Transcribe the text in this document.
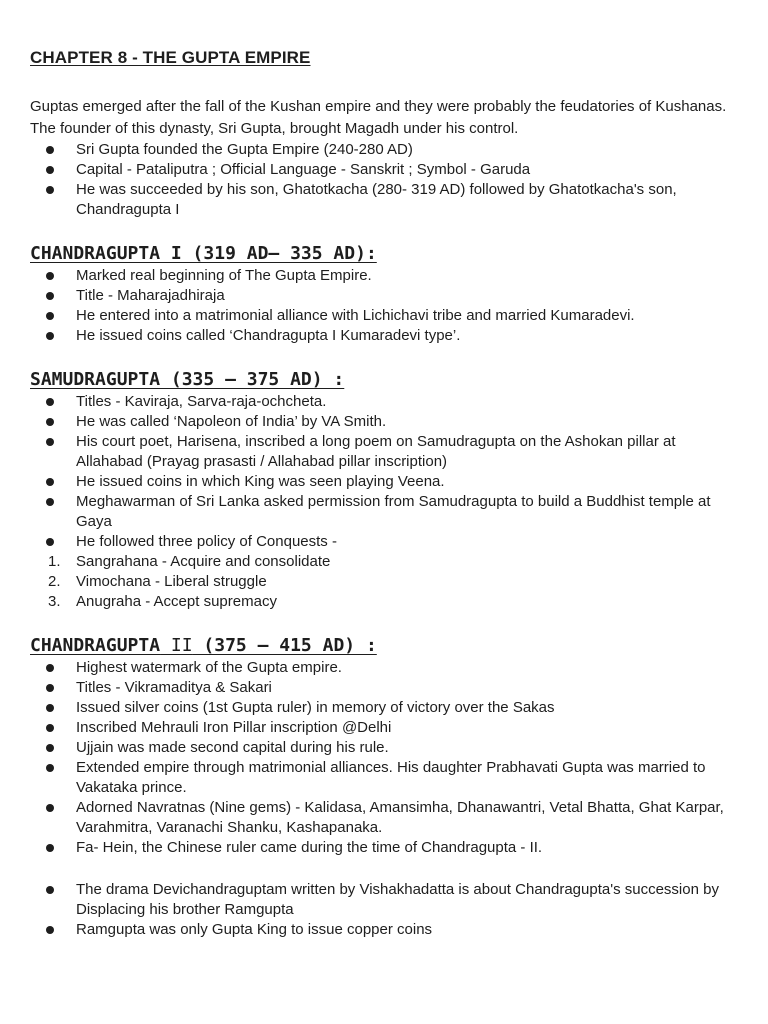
CHAPTER 8 - THE GUPTA EMPIRE
Guptas emerged after the fall of the Kushan empire and they were probably the feudatories of Kushanas. The founder of this dynasty, Sri Gupta, brought Magadh under his control.
Sri Gupta founded the Gupta Empire (240-280 AD)
Capital - Pataliputra ; Official Language - Sanskrit ; Symbol - Garuda
He was succeeded by his son, Ghatotkacha (280- 319 AD) followed by Ghatotkacha's son, Chandragupta I
CHANDRAGUPTA I (319 AD– 335 AD):
Marked real beginning of The Gupta Empire.
Title - Maharajadhiraja
He entered into a matrimonial alliance with Lichichavi tribe and married Kumaradevi.
He issued coins called ‘Chandragupta I Kumaradevi type’.
SAMUDRAGUPTA (335 – 375 AD) :
Titles - Kaviraja, Sarva-raja-ochcheta.
He was called ‘Napoleon of India’ by VA Smith.
His court poet, Harisena, inscribed a long poem on Samudragupta on the Ashokan pillar at Allahabad (Prayag prasasti / Allahabad pillar inscription)
He issued coins in which King was seen playing Veena.
Meghawarman of Sri Lanka asked permission from Samudragupta to build a Buddhist temple at Gaya
He followed three policy of Conquests -
1. Sangrahana - Acquire and consolidate
2. Vimochana - Liberal struggle
3. Anugraha - Accept supremacy
CHANDRAGUPTA II (375 – 415 AD) :
Highest watermark of the Gupta empire.
Titles - Vikramaditya & Sakari
Issued silver coins (1st Gupta ruler) in memory of victory over the Sakas
Inscribed Mehrauli Iron Pillar inscription @Delhi
Ujjain was made second capital during his rule.
Extended empire through matrimonial alliances. His daughter Prabhavati Gupta was married to Vakataka prince.
Adorned Navratnas (Nine gems) - Kalidasa, Amansimha, Dhanawantri, Vetal Bhatta, Ghat Karpar, Varahmitra, Varanachi Shanku, Kashapanaka.
Fa- Hein, the Chinese ruler came during the time of Chandragupta - II.
The drama Devichandraguptam written by Vishakhadatta is about Chandragupta's succession by Displacing his brother Ramgupta
Ramgupta was only Gupta King to issue copper coins
